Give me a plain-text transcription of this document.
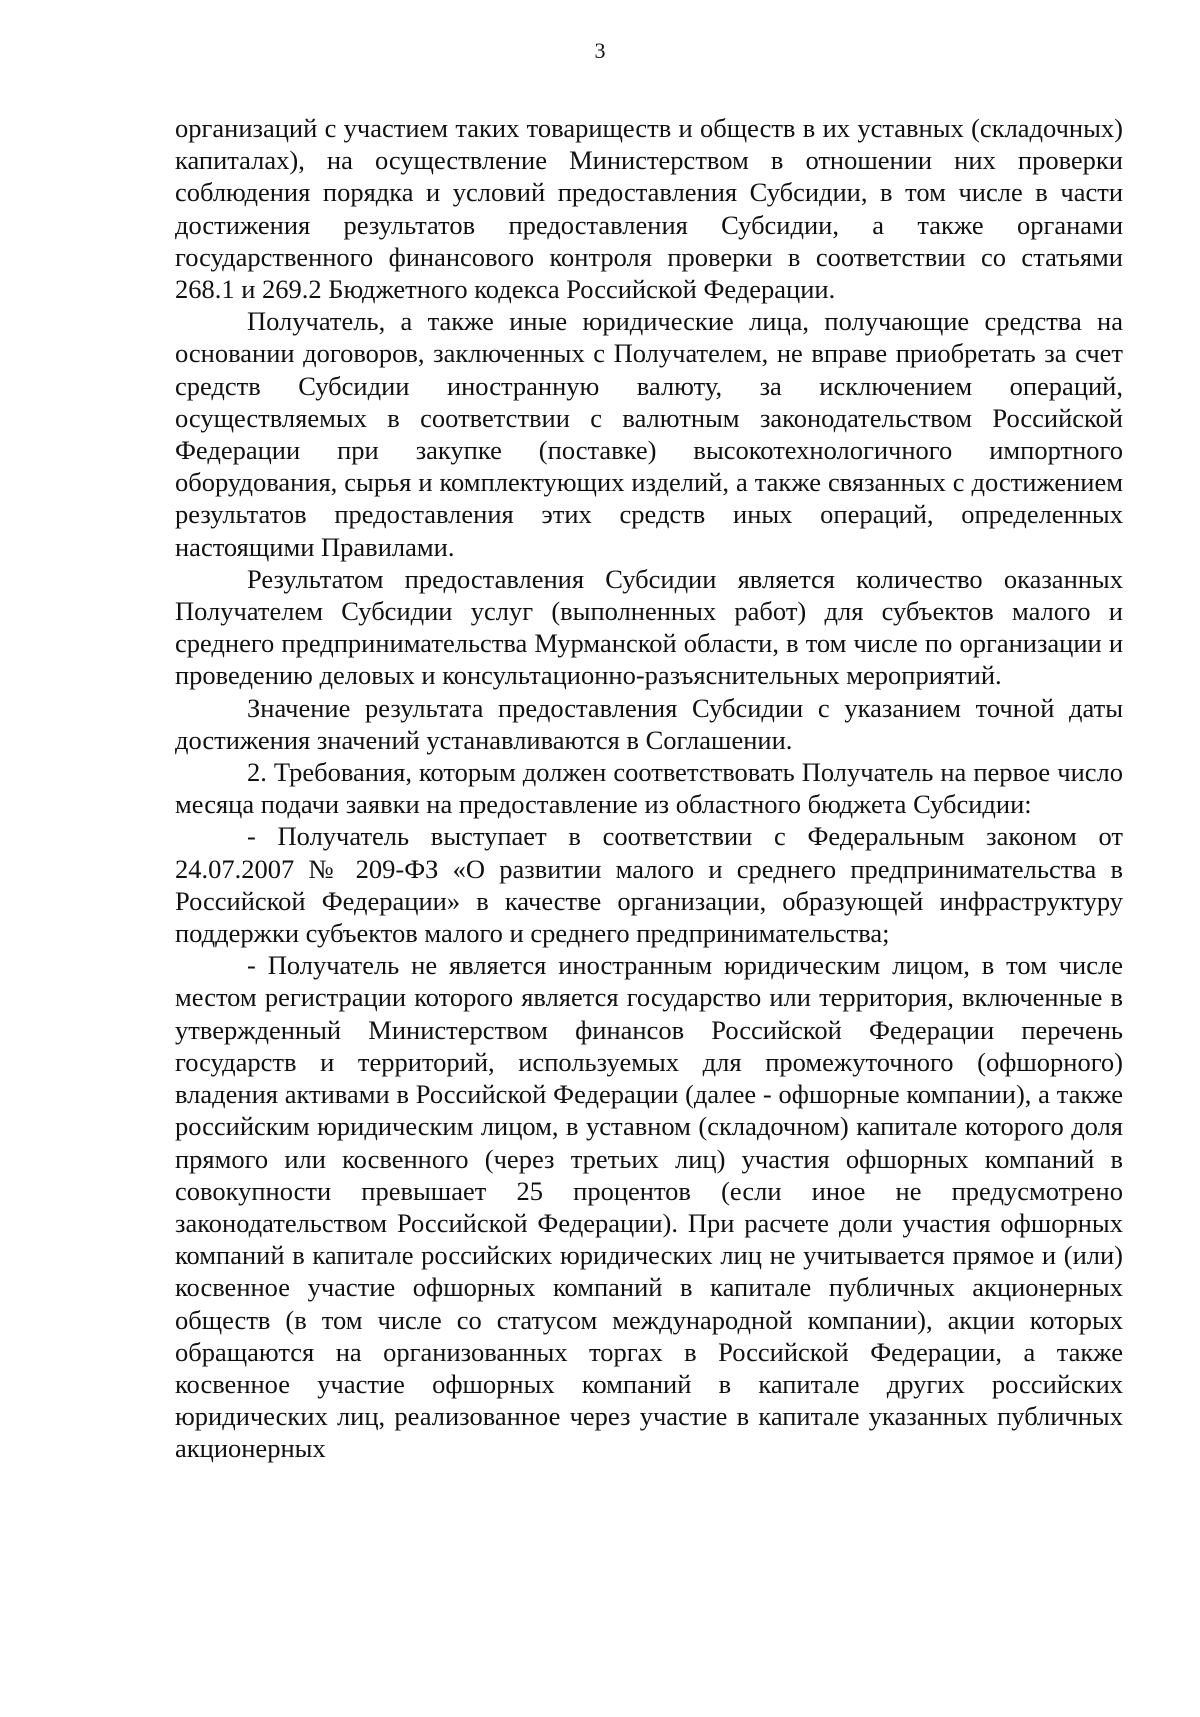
3

организаций с участием таких товариществ и обществ в их уставных (складочных) капиталах), на осуществление Министерством в отношении них проверки соблюдения порядка и условий предоставления Субсидии, в том числе в части достижения результатов предоставления Субсидии, а также органами государственного финансового контроля проверки в соответствии со статьями 268.1 и 269.2 Бюджетного кодекса Российской Федерации.

Получатель, а также иные юридические лица, получающие средства на основании договоров, заключенных с Получателем, не вправе приобретать за счет средств Субсидии иностранную валюту, за исключением операций, осуществляемых в соответствии с валютным законодательством Российской Федерации при закупке (поставке) высокотехнологичного импортного оборудования, сырья и комплектующих изделий, а также связанных с достижением результатов предоставления этих средств иных операций, определенных настоящими Правилами.

Результатом предоставления Субсидии является количество оказанных Получателем Субсидии услуг (выполненных работ) для субъектов малого и среднего предпринимательства Мурманской области, в том числе по организации и проведению деловых и консультационно-разъяснительных мероприятий.

Значение результата предоставления Субсидии с указанием точной даты достижения значений устанавливаются в Соглашении.

2. Требования, которым должен соответствовать Получатель на первое число месяца подачи заявки на предоставление из областного бюджета Субсидии:

- Получатель выступает в соответствии с Федеральным законом от 24.07.2007 № 209-ФЗ «О развитии малого и среднего предпринимательства в Российской Федерации» в качестве организации, образующей инфраструктуру поддержки субъектов малого и среднего предпринимательства;

- Получатель не является иностранным юридическим лицом, в том числе местом регистрации которого является государство или территория, включенные в утвержденный Министерством финансов Российской Федерации перечень государств и территорий, используемых для промежуточного (офшорного) владения активами в Российской Федерации (далее - офшорные компании), а также российским юридическим лицом, в уставном (складочном) капитале которого доля прямого или косвенного (через третьих лиц) участия офшорных компаний в совокупности превышает 25 процентов (если иное не предусмотрено законодательством Российской Федерации). При расчете доли участия офшорных компаний в капитале российских юридических лиц не учитывается прямое и (или) косвенное участие офшорных компаний в капитале публичных акционерных обществ (в том числе со статусом международной компании), акции которых обращаются на организованных торгах в Российской Федерации, а также косвенное участие офшорных компаний в капитале других российских юридических лиц, реализованное через участие в капитале указанных публичных акционерных
